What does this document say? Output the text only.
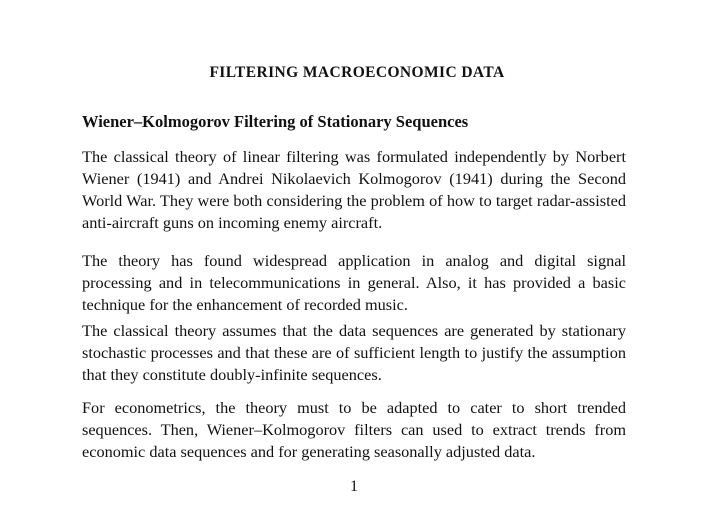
FILTERING MACROECONOMIC DATA
Wiener–Kolmogorov Filtering of Stationary Sequences

The classical theory of linear filtering was formulated independently by Norbert Wiener (1941) and Andrei Nikolaevich Kolmogorov (1941) during the Second World War. They were both considering the problem of how to target radar-assisted anti-aircraft guns on incoming enemy aircraft.

The theory has found widespread application in analog and digital signal processing and in telecommunications in general. Also, it has provided a basic technique for the enhancement of recorded music.

The classical theory assumes that the data sequences are generated by stationary stochastic processes and that these are of sufficient length to justify the assumption that they constitute doubly-infinite sequences.

For econometrics, the theory must to be adapted to cater to short trended sequences. Then, Wiener–Kolmogorov filters can used to extract trends from economic data sequences and for generating seasonally adjusted data.

1
